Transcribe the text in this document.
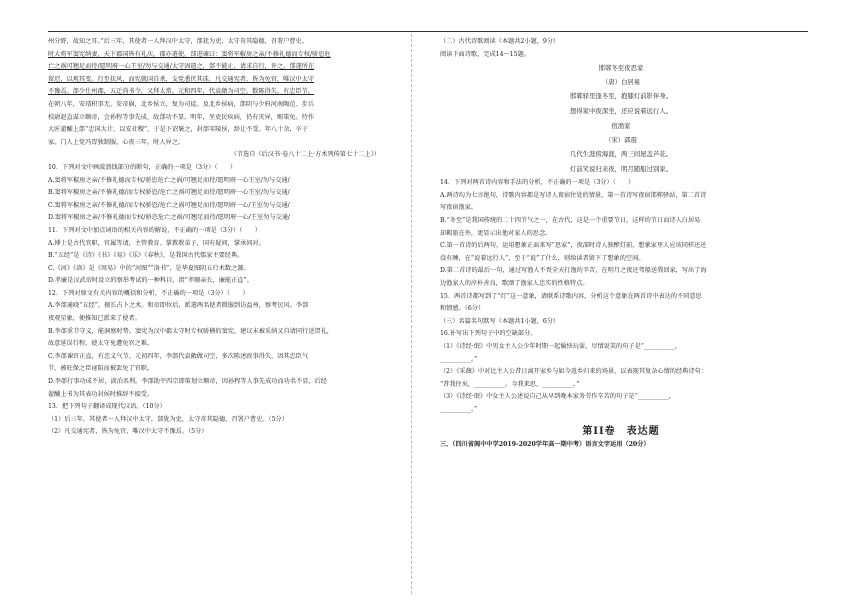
州分野，故知之耳。”后三年，其使者一人拜汉中太守，郃犹为吏，太守奇其隐德，召署户曹史。

时大将军窦宪纳妻，天下郡国皆有礼庆，郡亦遣使。郃进谏曰：窦将军椒房之亲/不修礼德而专权/骄恣危

亡之祸可翘足而待/愿明府一心王室/勿与交通/太守固遣之，郃不能止，请求自行，许之。郃遂所在

留迟，以观其变。行至扶风，而宪就国自杀，支党悉伏其诛，凡交通宪者，皆为免官，唯汉中太守

不豫焉。郃少仕州郡，五迁尚书令，又拜太常。元和四年，代袁敞为司空，数陈得失，有忠臣节，

在朝八年，安靖积事无。安帝崩，北乡侯立，复为司徒。及北乡侯病，郃阴与少府河南陶范、步兵

校尉赵直谋立顺帝，会孙程等事先成，故郃功不显。明年，坐吏民疾病，仍有灾异，赐策免。待作

大匠翟酺上郃“忠国大计，以安社稷”，于是下诏褒之，封郃零陵侯，辞让不受。年八十余，卒于

家。门人上党冯胄独制服，心丧三年，时人异之。

（节选自《后汉书·卷八十二上·方术列传第七十二上》）

10．下列对文中画波浪线部分的断句，正确的一项是（3分）（　　）

A.窦将军椒房之亲/不修礼德而专权/骄恣危亡之祸/可翘足而待/愿明府一心王室/勿与交通/

B.窦将军椒房之亲/不修礼德/而专权骄恣/危亡之祸可翘足而待/愿明府一心王室/勿与交通/

C.窦将军椒房之亲/不修礼德/而专权骄恣/危亡之祸可翘足而待/愿明府一心/王室勿与交通/

D.窦将军椒房之亲/不修礼德而专权/骄恣危亡之祸/可翘足而待/愿明府一心/王室勿与交通/

11．下列对文中加点词语的相关内容的解说，不正确的一项是（3分）（　　）

A.博士是古代官职，官属等请，主管教育、掌教教弟子，国有疑问，掌承问对。

B.“五经”是《诗》《书》《易》《乐》《春秋》，是我国古代儒家主要经典。

C.《河》《洛》是《周易》中的“河图”“洛书”，是华夏图阴五行术数之源。

D.孝廉是汉武帝时设立的察举考试的一种科目，指“孝顺亲长，廉能正直”。

12．下列对原文有关内容的概括和分析，不正确的一项是（3分）（　　）

A.李郃通晓“五经”，擅长占卜之术。和帝即位后，派遣两名使者微服到访益州，察考民风。李郃

夜观星象，便推知已派来了使者。

B.李郃重节守义，能洞察时势。窦宪为汉中郡太守时专权骄横的窦宪，建议未被采纳又自请同行送贺礼，

故意延误行程，使太守免遭免官之难。

C.李郃谏官正直，有忠义气节。元初四年，李郃代袁敞做司空，多次陈述政事得失，因其忠臣气

节，被旺保之臣诬陷而被罢免了官职。

D.李郃行事功成不居，淡泊名利。李郃助平四宗即策划立顺帝，因孙程等人事先成功而功名不显，后经

翟酺上书为其表功封侯时推辞不接受。

13．把下列句子翻译成现代汉语。（10分）

（1）后三年，其使者一人拜汉中太守，郃犹为吏，太守奇其隐德，召署户曹史。（5分）

（2）凡交通宪者，皆为免官，唯汉中太守不豫焉。（5分）

（二）古代诗歌阅读（本题共2小题，9分）

阅读下面诗歌，完成14～15题。

邯郸冬至夜思家

（唐）白居易

邯郸驿里逢冬至，抱膝灯前影伴身。

想得家中夜深坐，还应说着远行人。

宿渔家

（宋）郭震

几代生涯傍海涯，两三间屋盖芦花。

灯前笑说归来夜，明月随船过别家。

14．下列对两首诗内容和手法的分析，不正确的一项是（3分）（　　）

A.两诗均为七言绝句，诗歌内容都是写诗人夜宿住处的情景，第一首诗写夜宿邯郸驿站，第二首诗

写夜宿渔家。

B.“冬至”是我国传统的二十四节气之一，在古代，这是一个重要节日，这样的节日而诗人白居易

却羁旅在外，更显示出他对家人的思念。

C.第一首诗的后两句，运用想象正面来写“思家”，夜深时诗人独醉灯前，想象家里人应该同样还还

没有睡，在“说着远行人”，至于“说”了什么，则给读者留下了想象的空间。

D.第二首诗的最后一句，通过写渔人不畏全天打渔的辛苦，在明月之夜还驾船送我回家，写出了海

边渔家人的淳朴善良，歌颂了渔家人忠实的性格特点。

15．两首诗都写到了“灯”这一意象，请联系诗歌内容，分析这个意象在两首诗中表达的不同意思

和情感。（6分）

（三）名篇名句默写（本题共1小题，6分）

16.补写出下列句子中的空缺部分。

（1）《诗经·氓》中男女主人公少年时期一起愉快玩耍，尽情说笑的句子是“__________，

__________。”

（2）《采薇》中对比主人公昔日离开家乡与如今返乡归来的场景，以表现其复杂心情的经典诗句：

“昔我往矣，__________。今我来思，__________。”

（3）《诗经·氓》中女主人公述说自己从早到晚本家务劳作辛苦的句子是“__________，

__________。”

第II卷　表达题

三、（四川省阆中中学2019-2020学年高一期中考）语言文字运用（20分）
